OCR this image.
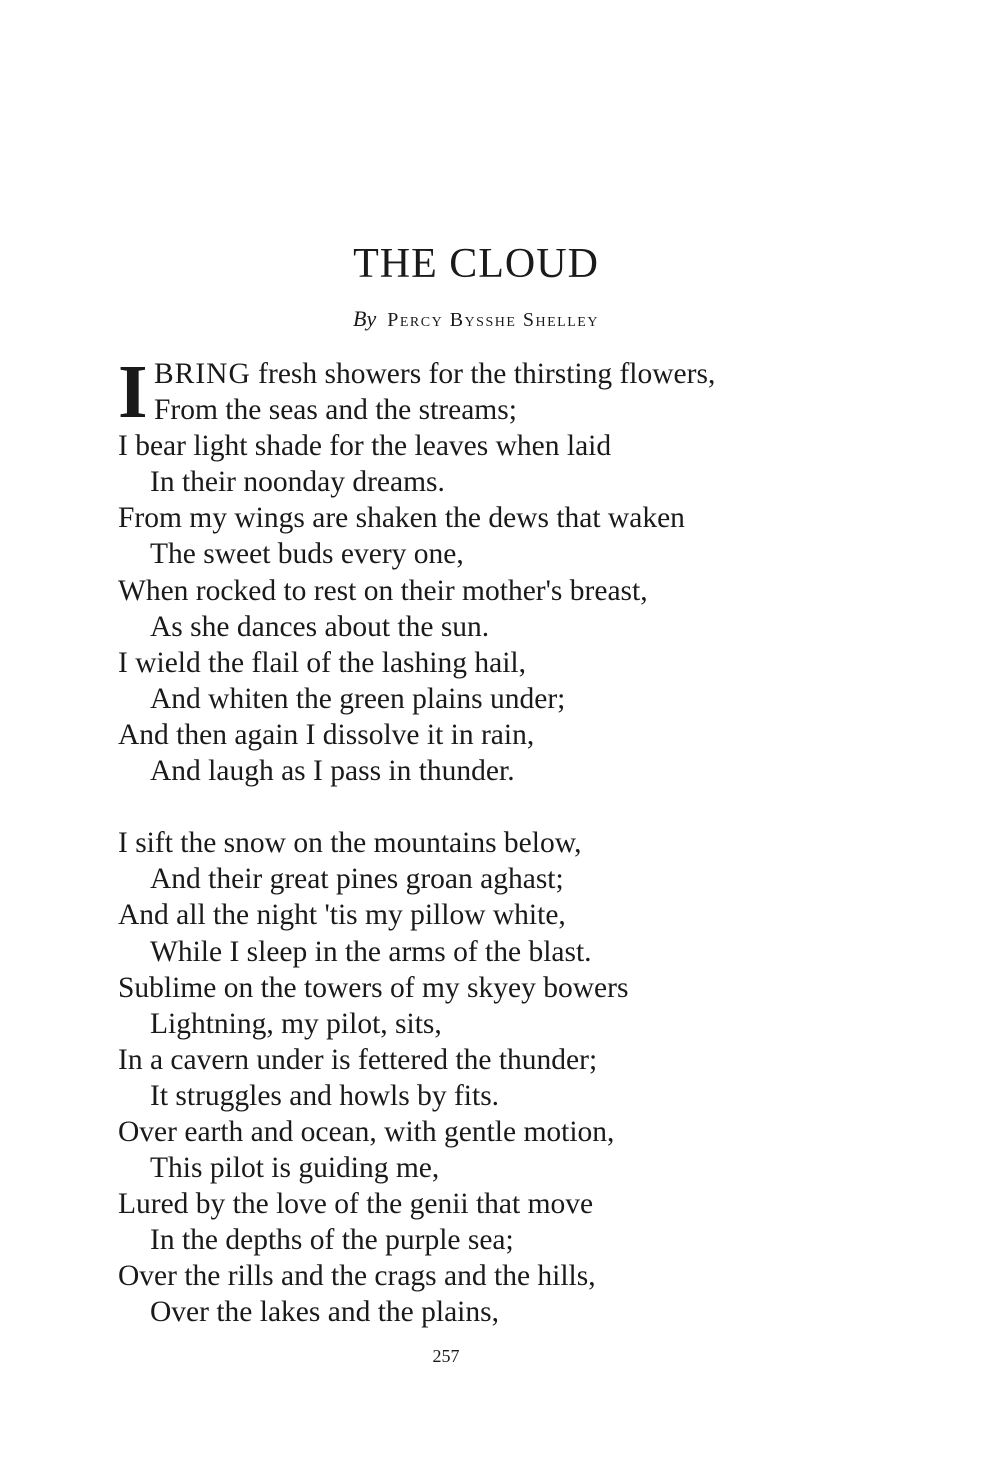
THE CLOUD
By Percy Bysshe Shelley
I BRING fresh showers for the thirsting flowers,
From the seas and the streams;
I bear light shade for the leaves when laid
In their noonday dreams.
From my wings are shaken the dews that waken
The sweet buds every one,
When rocked to rest on their mother's breast,
As she dances about the sun.
I wield the flail of the lashing hail,
And whiten the green plains under;
And then again I dissolve it in rain,
And laugh as I pass in thunder.
I sift the snow on the mountains below,
And their great pines groan aghast;
And all the night 'tis my pillow white,
While I sleep in the arms of the blast.
Sublime on the towers of my skyey bowers
Lightning, my pilot, sits,
In a cavern under is fettered the thunder;
It struggles and howls by fits.
Over earth and ocean, with gentle motion,
This pilot is guiding me,
Lured by the love of the genii that move
In the depths of the purple sea;
Over the rills and the crags and the hills,
Over the lakes and the plains,
257
